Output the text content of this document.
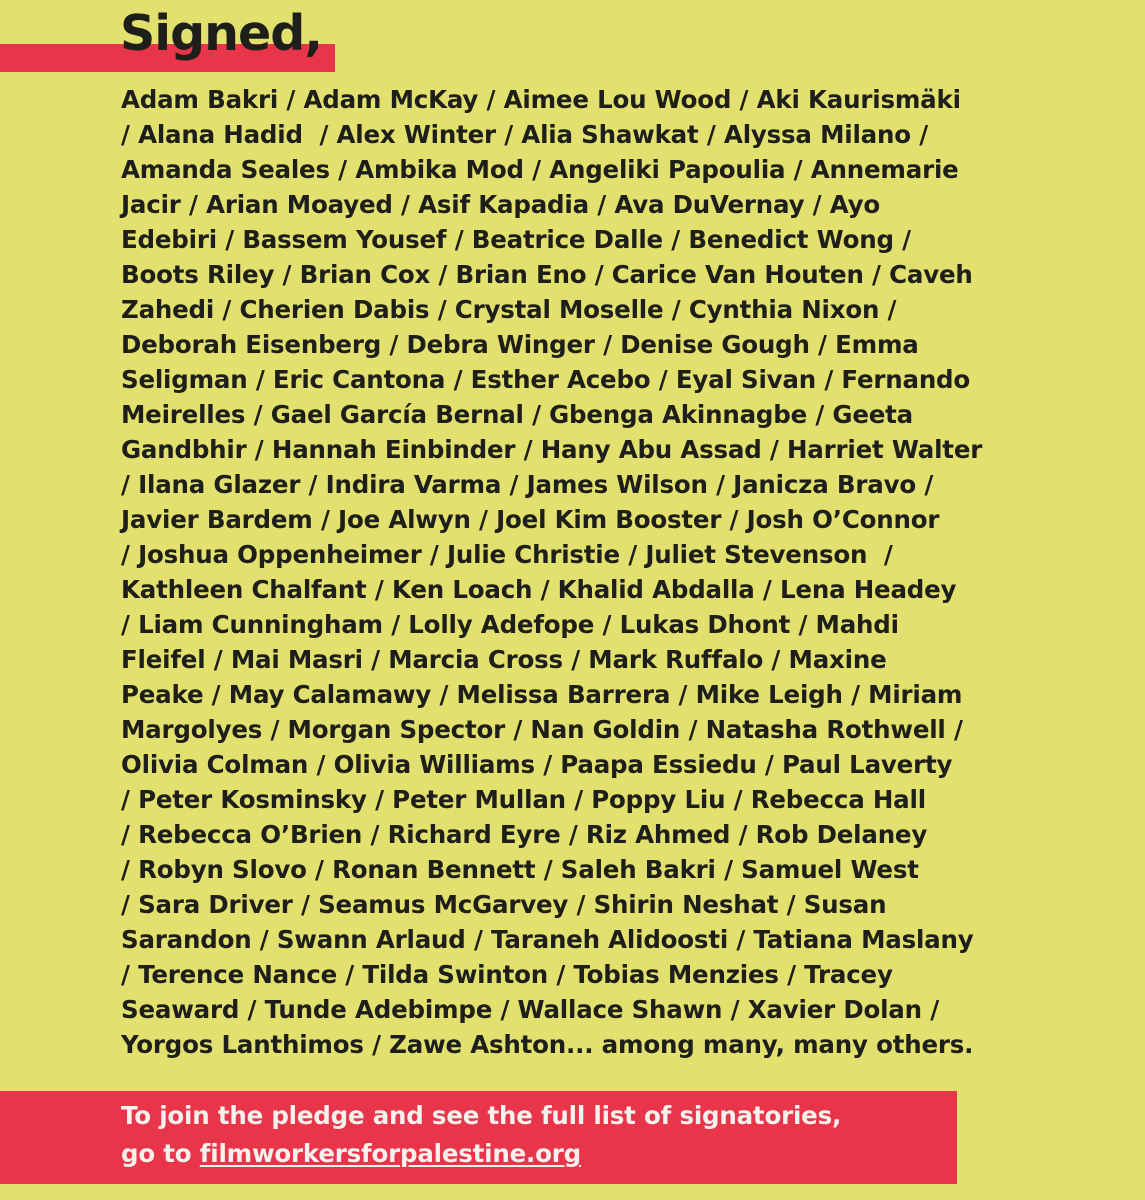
Signed,
Adam Bakri / Adam McKay / Aimee Lou Wood / Aki Kaurismäki
/ Alana Hadid  / Alex Winter / Alia Shawkat / Alyssa Milano /
Amanda Seales / Ambika Mod / Angeliki Papoulia / Annemarie
Jacir / Arian Moayed / Asif Kapadia / Ava DuVernay / Ayo
Edebiri / Bassem Yousef / Beatrice Dalle / Benedict Wong /
Boots Riley / Brian Cox / Brian Eno / Carice Van Houten / Caveh
Zahedi / Cherien Dabis / Crystal Moselle / Cynthia Nixon /
Deborah Eisenberg / Debra Winger / Denise Gough / Emma
Seligman / Eric Cantona / Esther Acebo / Eyal Sivan / Fernando
Meirelles / Gael García Bernal / Gbenga Akinnagbe / Geeta
Gandbhir / Hannah Einbinder / Hany Abu Assad / Harriet Walter
/ Ilana Glazer / Indira Varma / James Wilson / Janicza Bravo /
Javier Bardem / Joe Alwyn / Joel Kim Booster / Josh O’Connor
/ Joshua Oppenheimer / Julie Christie / Juliet Stevenson  /
Kathleen Chalfant / Ken Loach / Khalid Abdalla / Lena Headey
/ Liam Cunningham / Lolly Adefope / Lukas Dhont / Mahdi
Fleifel / Mai Masri / Marcia Cross / Mark Ruffalo / Maxine
Peake / May Calamawy / Melissa Barrera / Mike Leigh / Miriam
Margolyes / Morgan Spector / Nan Goldin / Natasha Rothwell /
Olivia Colman / Olivia Williams / Paapa Essiedu / Paul Laverty
/ Peter Kosminsky / Peter Mullan / Poppy Liu / Rebecca Hall
/ Rebecca O’Brien / Richard Eyre / Riz Ahmed / Rob Delaney
/ Robyn Slovo / Ronan Bennett / Saleh Bakri / Samuel West
/ Sara Driver / Seamus McGarvey / Shirin Neshat / Susan
Sarandon / Swann Arlaud / Taraneh Alidoosti / Tatiana Maslany
/ Terence Nance / Tilda Swinton / Tobias Menzies / Tracey
Seaward / Tunde Adebimpe / Wallace Shawn / Xavier Dolan /
Yorgos Lanthimos / Zawe Ashton... among many, many others.
To join the pledge and see the full list of signatories,
go to filmworkersforpalestine.org
